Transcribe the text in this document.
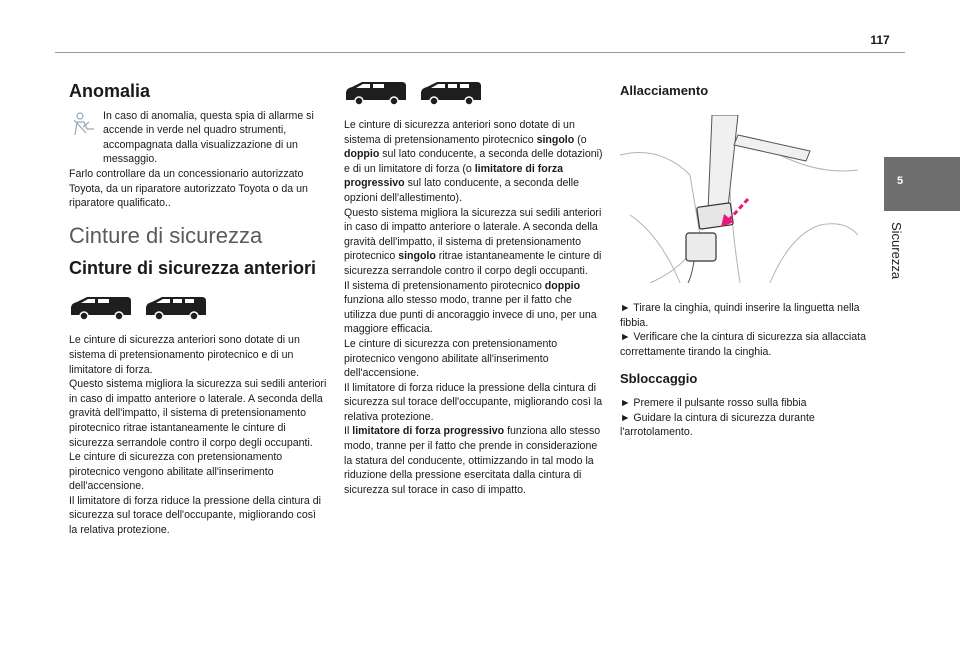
117
5
Sicurezza
Anomalia

In caso di anomalia, questa spia di allarme si accende in verde nel quadro strumenti, accompagnata dalla visualizzazione di un messaggio.

Farlo controllare da un concessionario autorizzato Toyota, da un riparatore autorizzato Toyota o da un riparatore qualificato..

Cinture di sicurezza
Cinture di sicurezza anteriori

Le cinture di sicurezza anteriori sono dotate di un sistema di pretensionamento pirotecnico e di un limitatore di forza.

Questo sistema migliora la sicurezza sui sedili anteriori in caso di impatto anteriore o laterale. A seconda della gravità dell'impatto, il sistema di pretensionamento pirotecnico ritrae istantaneamente le cinture di sicurezza serrandole contro il corpo degli occupanti.

Le cinture di sicurezza con pretensionamento pirotecnico vengono abilitate all'inserimento dell'accensione.

Il limitatore di forza riduce la pressione della cintura di sicurezza sul torace dell'occupante, migliorando così la relativa protezione.

Le cinture di sicurezza anteriori sono dotate di un sistema di pretensionamento pirotecnico singolo (o doppio sul lato conducente, a seconda delle dotazioni) e di un limitatore di forza (o limitatore di forza progressivo sul lato conducente, a seconda delle opzioni dell'allestimento).

Questo sistema migliora la sicurezza sui sedili anteriori in caso di impatto anteriore o laterale. A seconda della gravità dell'impatto, il sistema di pretensionamento pirotecnico singolo ritrae istantaneamente le cinture di sicurezza serrandole contro il corpo degli occupanti.

Il sistema di pretensionamento pirotecnico doppio funziona allo stesso modo, tranne per il fatto che utilizza due punti di ancoraggio invece di uno, per una maggiore efficacia.

Le cinture di sicurezza con pretensionamento pirotecnico vengono abilitate all'inserimento dell'accensione.

Il limitatore di forza riduce la pressione della cintura di sicurezza sul torace dell'occupante, migliorando così la relativa protezione.

Il limitatore di forza progressivo funziona allo stesso modo, tranne per il fatto che prende in considerazione la statura del conducente, ottimizzando in tal modo la riduzione della pressione esercitata dalla cintura di sicurezza sul torace in caso di impatto.

Allacciamento

► Tirare la cinghia, quindi inserire la linguetta nella fibbia.

► Verificare che la cintura di sicurezza sia allacciata correttamente tirando la cinghia.

Sbloccaggio

► Premere il pulsante rosso sulla fibbia

► Guidare la cintura di sicurezza durante l'arrotolamento.
